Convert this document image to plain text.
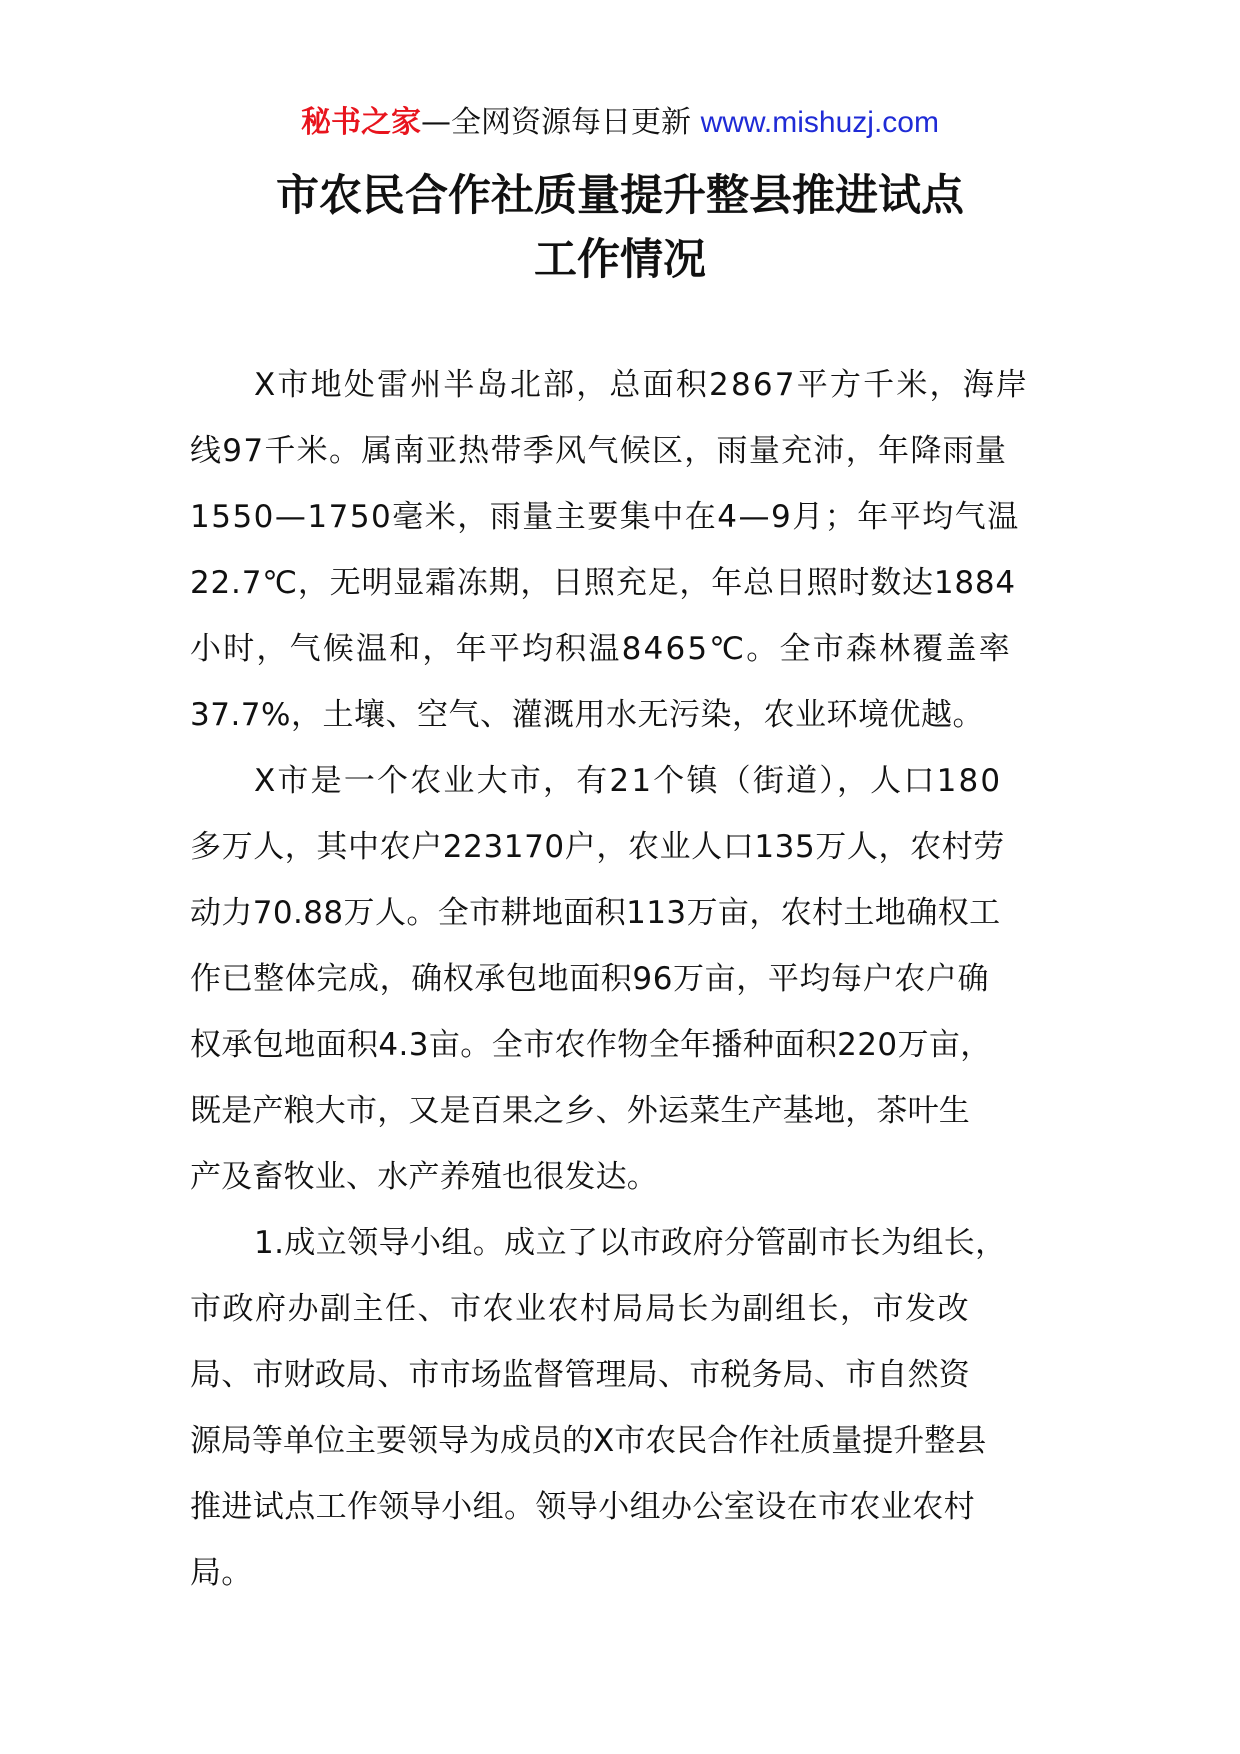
秘书之家—全网资源每日更新 www.mishuzj.com
市农民合作社质量提升整县推进试点
工作情况
X市地处雷州半岛北部，总面积2867平方千米，海岸
线97千米。属南亚热带季风气候区，雨量充沛，年降雨量
1550—1750毫米，雨量主要集中在4—9月；年平均气温
22.7℃，无明显霜冻期，日照充足，年总日照时数达1884
小时，气候温和，年平均积温8465℃。全市森林覆盖率
37.7%，土壤、空气、灌溉用水无污染，农业环境优越。
X市是一个农业大市，有21个镇（街道），人口180
多万人，其中农户223170户，农业人口135万人，农村劳
动力70.88万人。全市耕地面积113万亩，农村土地确权工
作已整体完成，确权承包地面积96万亩，平均每户农户确
权承包地面积4.3亩。全市农作物全年播种面积220万亩，
既是产粮大市，又是百果之乡、外运菜生产基地，茶叶生
产及畜牧业、水产养殖也很发达。
1.成立领导小组。成立了以市政府分管副市长为组长，
市政府办副主任、市农业农村局局长为副组长，市发改
局、市财政局、市市场监督管理局、市税务局、市自然资
源局等单位主要领导为成员的X市农民合作社质量提升整县
推进试点工作领导小组。领导小组办公室设在市农业农村
局。
